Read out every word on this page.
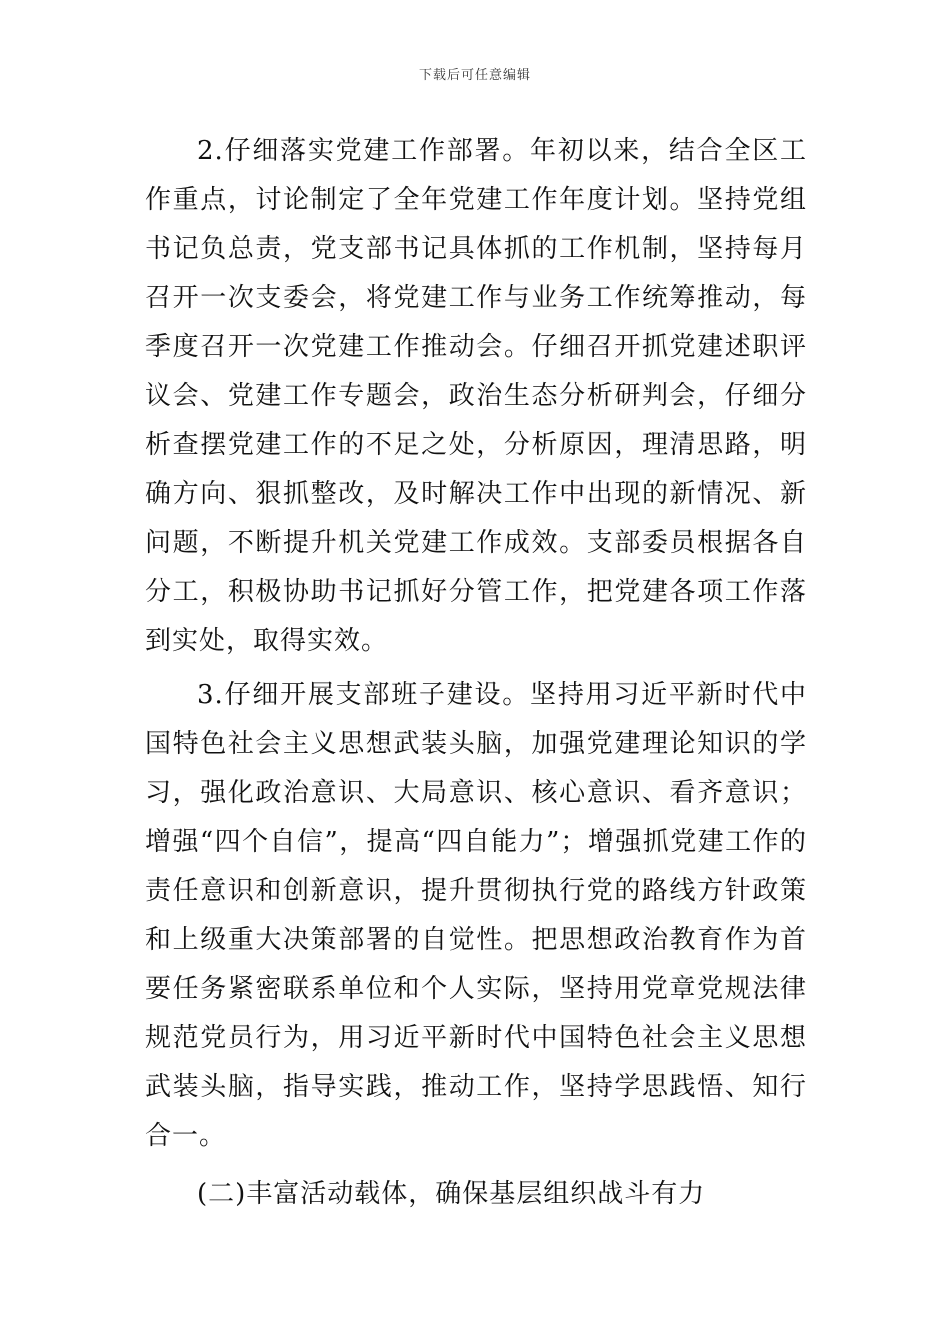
下载后可任意编辑

2.仔细落实党建工作部署。年初以来，结合全区工作重点，讨论制定了全年党建工作年度计划。坚持党组书记负总责，党支部书记具体抓的工作机制，坚持每月召开一次支委会，将党建工作与业务工作统筹推动，每季度召开一次党建工作推动会。仔细召开抓党建述职评议会、党建工作专题会，政治生态分析研判会，仔细分析查摆党建工作的不足之处，分析原因，理清思路，明确方向、狠抓整改，及时解决工作中出现的新情况、新问题，不断提升机关党建工作成效。支部委员根据各自分工，积极协助书记抓好分管工作，把党建各项工作落到实处，取得实效。

3.仔细开展支部班子建设。坚持用习近平新时代中国特色社会主义思想武装头脑，加强党建理论知识的学习，强化政治意识、大局意识、核心意识、看齐意识；增强“四个自信”，提高“四自能力”；增强抓党建工作的责任意识和创新意识，提升贯彻执行党的路线方针政策和上级重大决策部署的自觉性。把思想政治教育作为首要任务紧密联系单位和个人实际，坚持用党章党规法律规范党员行为，用习近平新时代中国特色社会主义思想武装头脑，指导实践，推动工作，坚持学思践悟、知行合一。

(二)丰富活动载体，确保基层组织战斗有力
